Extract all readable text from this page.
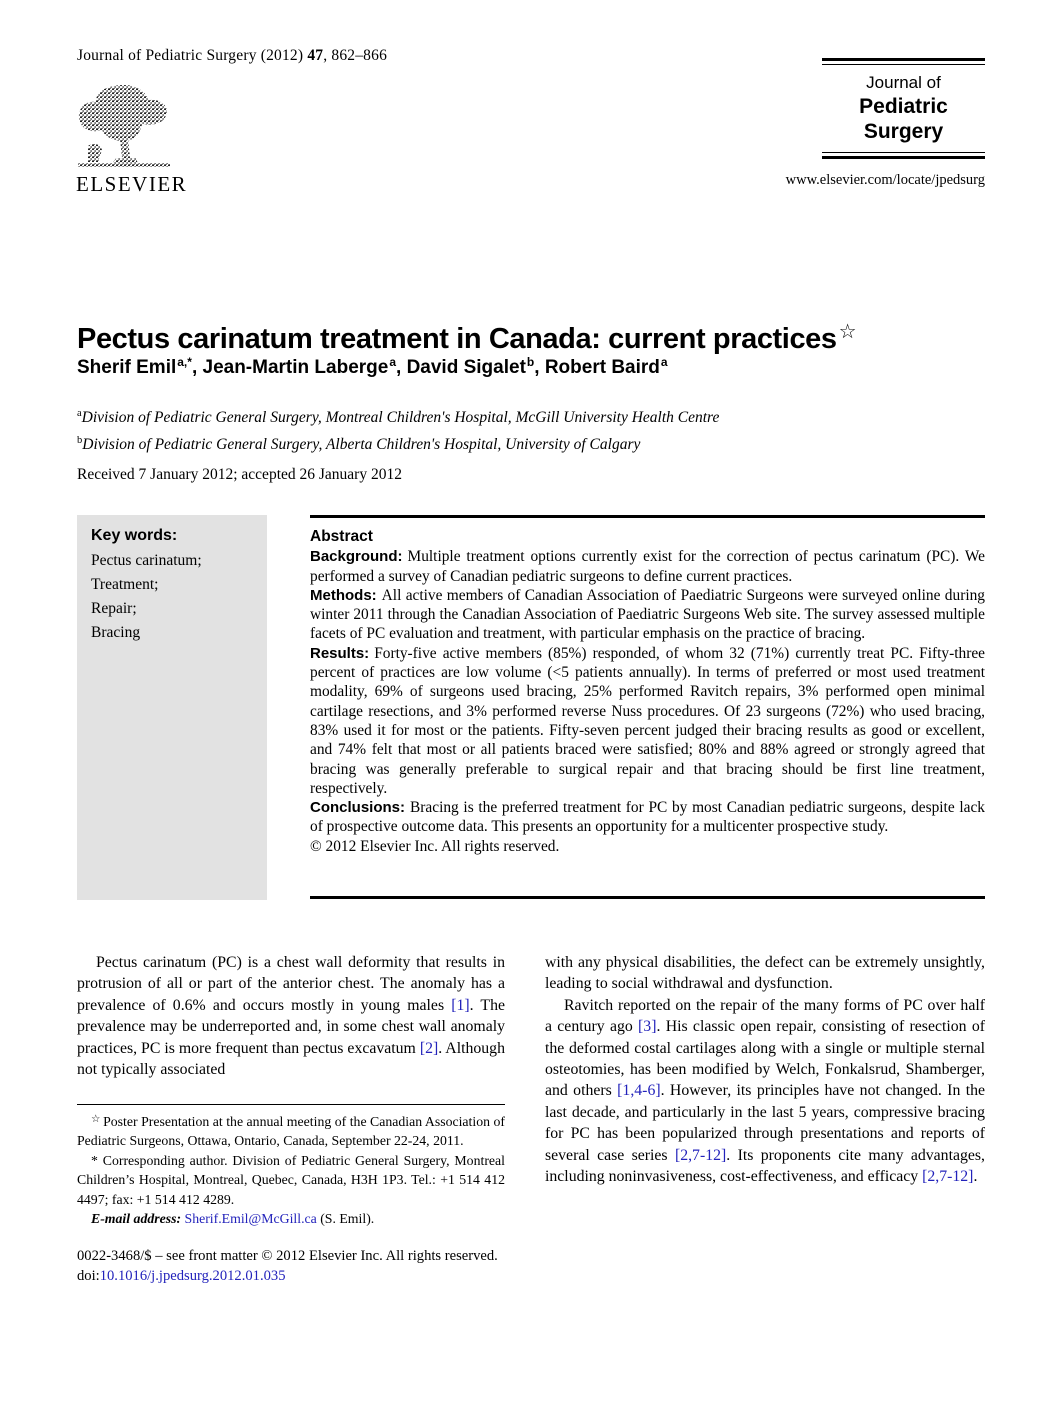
Journal of Pediatric Surgery (2012) 47, 862–866
ELSEVIER
Journal of
Pediatric
Surgery
www.elsevier.com/locate/jpedsurg
Pectus carinatum treatment in Canada: current practices ☆
Sherif Emil$^{a,*}$, Jean-Martin Laberge$^a$, David Sigalet$^b$, Robert Baird$^a$
$^a$Division of Pediatric General Surgery, Montreal Children's Hospital, McGill University Health Centre
$^b$Division of Pediatric General Surgery, Alberta Children's Hospital, University of Calgary
Received 7 January 2012; accepted 26 January 2012
Key words:
Pectus carinatum;
Treatment;
Repair;
Bracing

Abstract

Background: Multiple treatment options currently exist for the correction of pectus carinatum (PC). We performed a survey of Canadian pediatric surgeons to define current practices.

Methods: All active members of Canadian Association of Paediatric Surgeons were surveyed online during winter 2011 through the Canadian Association of Paediatric Surgeons Web site. The survey assessed multiple facets of PC evaluation and treatment, with particular emphasis on the practice of bracing.

Results: Forty-five active members (85%) responded, of whom 32 (71%) currently treat PC. Fifty-three percent of practices are low volume (<5 patients annually). In terms of preferred or most used treatment modality, 69% of surgeons used bracing, 25% performed Ravitch repairs, 3% performed open minimal cartilage resections, and 3% performed reverse Nuss procedures. Of 23 surgeons (72%) who used bracing, 83% used it for most or the patients. Fifty-seven percent judged their bracing results as good or excellent, and 74% felt that most or all patients braced were satisfied; 80% and 88% agreed or strongly agreed that bracing was generally preferable to surgical repair and that bracing should be first line treatment, respectively.

Conclusions: Bracing is the preferred treatment for PC by most Canadian pediatric surgeons, despite lack of prospective outcome data. This presents an opportunity for a multicenter prospective study.

© 2012 Elsevier Inc. All rights reserved.

Pectus carinatum (PC) is a chest wall deformity that results in protrusion of all or part of the anterior chest. The anomaly has a prevalence of 0.6% and occurs mostly in young males [1]. The prevalence may be underreported and, in some chest wall anomaly practices, PC is more frequent than pectus excavatum [2]. Although not typically associated

with any physical disabilities, the defect can be extremely unsightly, leading to social withdrawal and dysfunction.

Ravitch reported on the repair of the many forms of PC over half a century ago [3]. His classic open repair, consisting of resection of the deformed costal cartilages along with a single or multiple sternal osteotomies, has been modified by Welch, Fonkalsrud, Shamberger, and others [1,4-6]. However, its principles have not changed. In the last decade, and particularly in the last 5 years, compressive bracing for PC has been popularized through presentations and reports of several case series [2,7-12]. Its proponents cite many advantages, including noninvasiveness, cost-effectiveness, and efficacy [2,7-12].

☆ Poster Presentation at the annual meeting of the Canadian Association of Pediatric Surgeons, Ottawa, Ontario, Canada, September 22-24, 2011.

* Corresponding author. Division of Pediatric General Surgery, Montreal Children’s Hospital, Montreal, Quebec, Canada, H3H 1P3. Tel.: +1 514 412 4497; fax: +1 514 412 4289.

E-mail address: Sherif.Emil@McGill.ca (S. Emil).

0022-3468/$ – see front matter © 2012 Elsevier Inc. All rights reserved.
doi:10.1016/j.jpedsurg.2012.01.035
